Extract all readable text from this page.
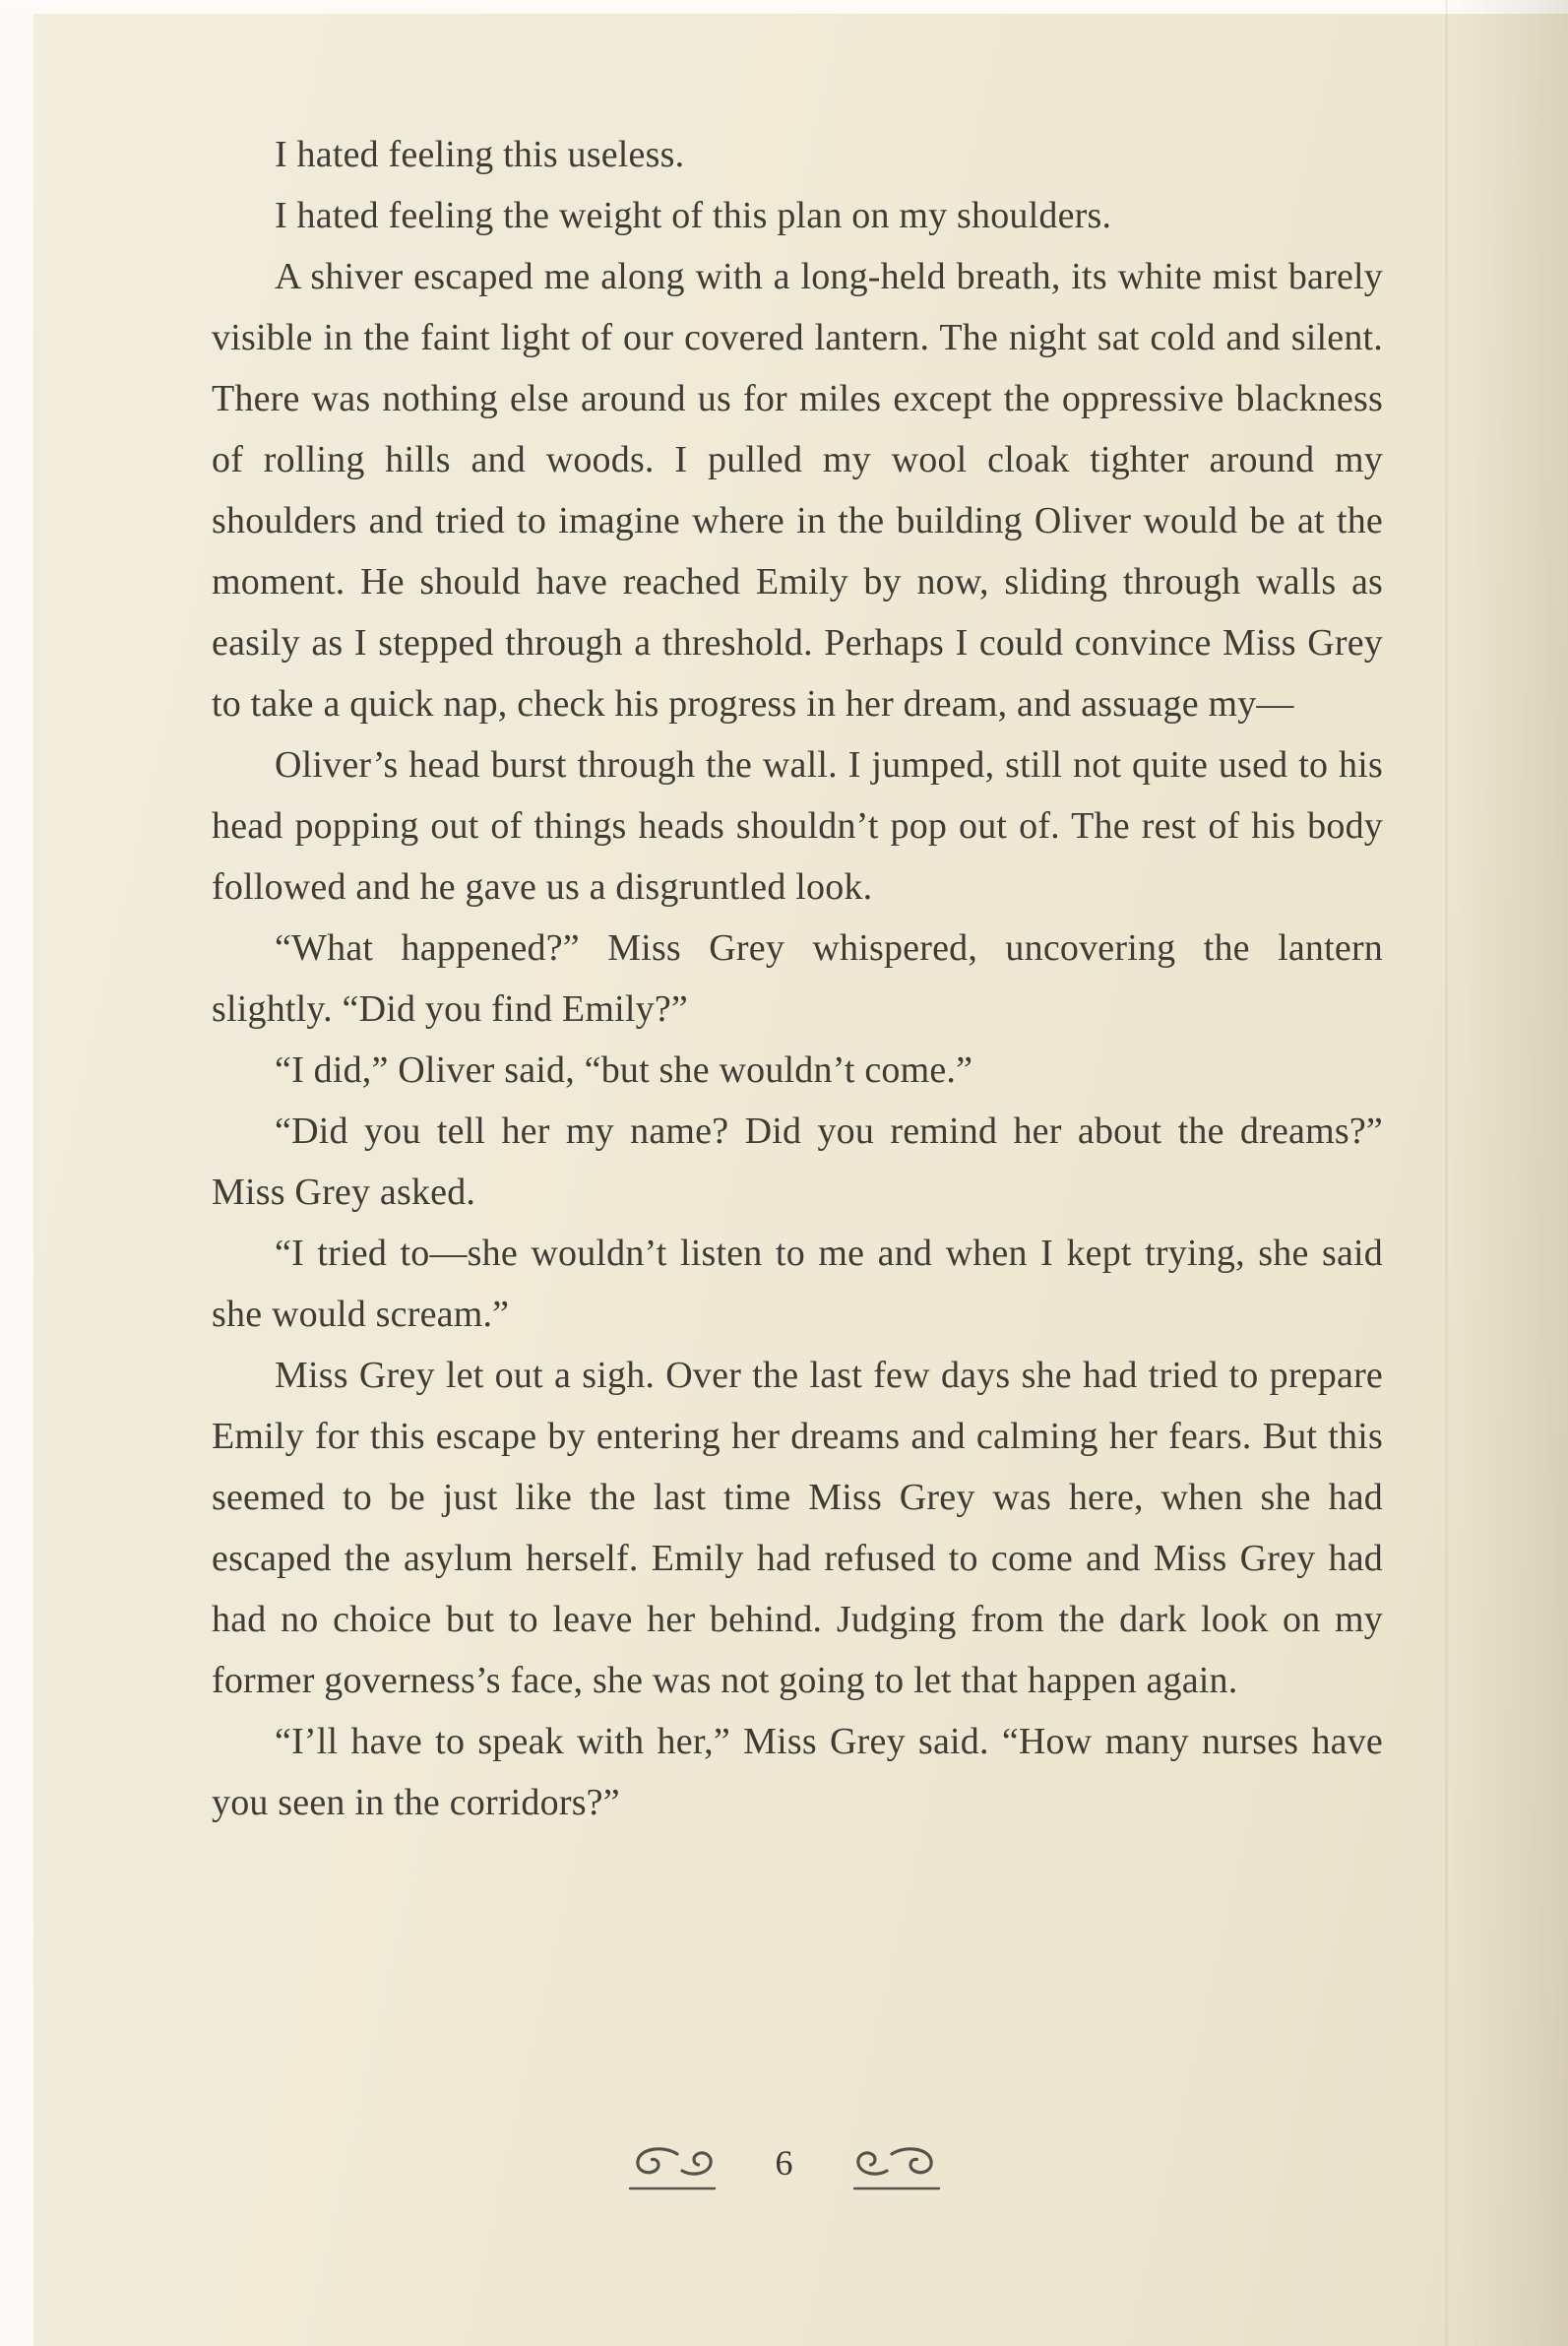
I hated feeling this useless.

I hated feeling the weight of this plan on my shoulders.

A shiver escaped me along with a long-held breath, its white mist barely visible in the faint light of our covered lantern. The night sat cold and silent. There was nothing else around us for miles except the oppressive blackness of rolling hills and woods. I pulled my wool cloak tighter around my shoulders and tried to imagine where in the building Oliver would be at the moment. He should have reached Emily by now, sliding through walls as easily as I stepped through a threshold. Perhaps I could convince Miss Grey to take a quick nap, check his progress in her dream, and assuage my—

Oliver’s head burst through the wall. I jumped, still not quite used to his head popping out of things heads shouldn’t pop out of. The rest of his body followed and he gave us a disgruntled look.

“What happened?” Miss Grey whispered, uncovering the lantern slightly. “Did you find Emily?”

“I did,” Oliver said, “but she wouldn’t come.”

“Did you tell her my name? Did you remind her about the dreams?” Miss Grey asked.

“I tried to—she wouldn’t listen to me and when I kept trying, she said she would scream.”

Miss Grey let out a sigh. Over the last few days she had tried to prepare Emily for this escape by entering her dreams and calming her fears. But this seemed to be just like the last time Miss Grey was here, when she had escaped the asylum herself. Emily had refused to come and Miss Grey had had no choice but to leave her behind. Judging from the dark look on my former governess’s face, she was not going to let that happen again.

“I’ll have to speak with her,” Miss Grey said. “How many nurses have you seen in the corridors?”

6
